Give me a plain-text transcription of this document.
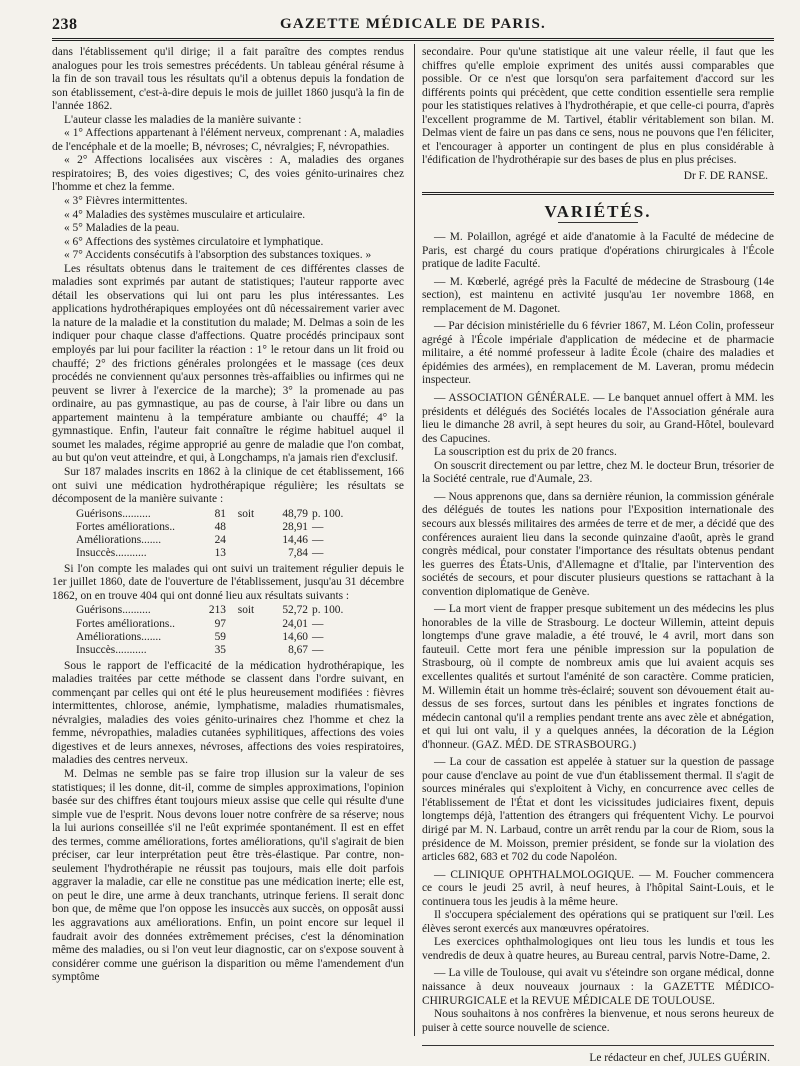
238	GAZETTE MÉDICALE DE PARIS.

dans l'établissement qu'il dirige; il a fait paraître des comptes rendus analogues pour les trois semestres précédents. Un tableau général résume à la fin de son travail tous les résultats qu'il a obtenus depuis la fondation de son établissement, c'est-à-dire depuis le mois de juillet 1860 jusqu'à la fin de l'année 1862.

L'auteur classe les maladies de la manière suivante :

« 1° Affections appartenant à l'élément nerveux, comprenant : A, maladies de l'encéphale et de la moelle; B, névroses; C, névralgies; F, névropathies.

« 2° Affections localisées aux viscères : A, maladies des organes respiratoires; B, des voies digestives; C, des voies génito-urinaires chez l'homme et chez la femme.

« 3° Fièvres intermittentes.

« 4° Maladies des systèmes musculaire et articulaire.

« 5° Maladies de la peau.

« 6° Affections des systèmes circulatoire et lymphatique.

« 7° Accidents consécutifs à l'absorption des substances toxiques. »

Les résultats obtenus dans le traitement de ces différentes classes de maladies sont exprimés par autant de statistiques; l'auteur rapporte avec détail les observations qui lui ont paru les plus intéressantes. Les applications hydrothérapiques employées ont dû nécessairement varier avec la nature de la maladie et la constitution du malade; M. Delmas a soin de les indiquer pour chaque classe d'affections. Quatre procédés principaux sont employés par lui pour faciliter la réaction : 1° le retour dans un lit froid ou chauffé; 2° des frictions générales prolongées et le massage (ces deux procédés ne conviennent qu'aux personnes très-affaiblies ou infirmes qui ne peuvent se livrer à l'exercice de la marche); 3° la promenade au pas ordinaire, au pas gymnastique, au pas de course, à l'air libre ou dans un appartement maintenu à la température ambiante ou chauffé; 4° la gymnastique. Enfin, l'auteur fait connaître le régime habituel auquel il soumet les malades, régime approprié au genre de maladie que l'on combat, au but qu'on veut atteindre, et qui, à Longchamps, n'a jamais rien d'exclusif.

Sur 187 malades inscrits en 1862 à la clinique de cet établissement, 166 ont suivi une médication hydrothérapique régulière; les résultats se décomposent de la manière suivante :

Guérisons..........	81	soit	48,79 p. 100.
Fortes améliorations..	48	28,91 —
Améliorations.......	24	14,46 —
Insuccès...........	13	7,84 —

Si l'on compte les malades qui ont suivi un traitement régulier depuis le 1er juillet 1860, date de l'ouverture de l'établissement, jusqu'au 31 décembre 1862, on en trouve 404 qui ont donné lieu aux résultats suivants :

Guérisons..........	213	soit	52,72 p. 100.
Fortes améliorations..	97	24,01 —
Améliorations.......	59	14,60 —
Insuccès...........	35	8,67 —

Sous le rapport de l'efficacité de la médication hydrothérapique, les maladies traitées par cette méthode se classent dans l'ordre suivant, en commençant par celles qui ont été le plus heureusement modifiées : fièvres intermittentes, chlorose, anémie, lymphatisme, maladies rhumatismales, névralgies, maladies des voies génito-urinaires chez l'homme et chez la femme, névropathies, maladies cutanées syphilitiques, affections des voies digestives et de leurs annexes, névroses, affections des voies respiratoires, maladies des centres nerveux.

M. Delmas ne semble pas se faire trop illusion sur la valeur de ses statistiques; il les donne, dit-il, comme de simples approximations, l'opinion basée sur des chiffres étant toujours mieux assise que celle qui résulte d'une simple vue de l'esprit. Nous devons louer notre confrère de sa réserve; nous la lui aurions conseillée s'il ne l'eût exprimée spontanément. Il est en effet des termes, comme améliorations, fortes améliorations, qu'il s'agirait de bien préciser, car leur interprétation peut être très-élastique. Par contre, non-seulement l'hydrothérapie ne réussit pas toujours, mais elle doit parfois aggraver la maladie, car elle ne constitue pas une médication inerte; elle est, on peut le dire, une arme à deux tranchants, utrinque feriens. Il serait donc bon que, de même que l'on oppose les insuccès aux succès, on opposât aussi les aggravations aux améliorations. Enfin, un point encore sur lequel il faudrait avoir des données extrêmement précises, c'est la dénomination même des maladies, ou si l'on veut leur diagnostic, car on s'expose souvent à considérer comme une guérison la disparition ou même l'amendement d'un symptôme

secondaire. Pour qu'une statistique ait une valeur réelle, il faut que les chiffres qu'elle emploie expriment des unités aussi comparables que possible. Or ce n'est que lorsqu'on sera parfaitement d'accord sur les différents points qui précèdent, que cette condition essentielle sera remplie pour les statistiques relatives à l'hydrothérapie, et que celle-ci pourra, d'après l'excellent programme de M. Tartivel, établir véritablement son bilan. M. Delmas vient de faire un pas dans ce sens, nous ne pouvons que l'en féliciter, et l'encourager à apporter un contingent de plus en plus considérable à l'édification de l'hydrothérapie sur des bases de plus en plus précises.

Dr F. DE RANSE.
VARIÉTÉS.

— M. Polaillon, agrégé et aide d'anatomie à la Faculté de médecine de Paris, est chargé du cours pratique d'opérations chirurgicales à l'École pratique de ladite Faculté.

— M. Kœberlé, agrégé près la Faculté de médecine de Strasbourg (14e section), est maintenu en activité jusqu'au 1er novembre 1868, en remplacement de M. Dagonet.

— Par décision ministérielle du 6 février 1867, M. Léon Colin, professeur agrégé à l'École impériale d'application de médecine et de pharmacie militaire, a été nommé professeur à ladite École (chaire des maladies et épidémies des armées), en remplacement de M. Laveran, promu médecin inspecteur.

— ASSOCIATION GÉNÉRALE. — Le banquet annuel offert à MM. les présidents et délégués des Sociétés locales de l'Association générale aura lieu le dimanche 28 avril, à sept heures du soir, au Grand-Hôtel, boulevard des Capucines.

La souscription est du prix de 20 francs.

On souscrit directement ou par lettre, chez M. le docteur Brun, trésorier de la Société centrale, rue d'Aumale, 23.

— Nous apprenons que, dans sa dernière réunion, la commission générale des délégués de toutes les nations pour l'Exposition internationale des secours aux blessés militaires des armées de terre et de mer, a décidé que des conférences auraient lieu dans la seconde quinzaine d'août, après le grand congrès médical, pour constater l'importance des résultats obtenus pendant les guerres des États-Unis, d'Allemagne et d'Italie, par l'intervention des sociétés de secours, et pour discuter plusieurs questions se rattachant à la convention diplomatique de Genève.

— La mort vient de frapper presque subitement un des médecins les plus honorables de la ville de Strasbourg. Le docteur Willemin, atteint depuis longtemps d'une grave maladie, a été trouvé, le 4 avril, mort dans son fauteuil. Cette mort fera une pénible impression sur la population de Strasbourg, où il compte de nombreux amis que lui avaient acquis ses excellentes qualités et surtout l'aménité de son caractère. Comme praticien, M. Willemin était un homme très-éclairé; souvent son dévouement était au-dessus de ses forces, surtout dans les pénibles et ingrates fonctions de médecin cantonal qu'il a remplies pendant trente ans avec zèle et abnégation, et qui lui ont valu, il y a quelques années, la décoration de la Légion d'honneur. (GAZ. MÉD. DE STRASBOURG.)

— La cour de cassation est appelée à statuer sur la question de passage pour cause d'enclave au point de vue d'un établissement thermal. Il s'agit de sources minérales qui s'exploitent à Vichy, en concurrence avec celles de l'établissement de l'État et dont les vicissitudes judiciaires fixent, depuis longtemps déjà, l'attention des étrangers qui fréquentent Vichy. Le pourvoi dirigé par M. N. Larbaud, contre un arrêt rendu par la cour de Riom, sous la présidence de M. Moisson, premier président, se fonde sur la violation des articles 682, 683 et 702 du code Napoléon.

— CLINIQUE OPHTHALMOLOGIQUE. — M. Foucher commencera ce cours le jeudi 25 avril, à neuf heures, à l'hôpital Saint-Louis, et le continuera tous les jeudis à la même heure.

Il s'occupera spécialement des opérations qui se pratiquent sur l'œil. Les élèves seront exercés aux manœuvres opératoires.

Les exercices ophthalmologiques ont lieu tous les lundis et tous les vendredis de deux à quatre heures, au Bureau central, parvis Notre-Dame, 2.

— La ville de Toulouse, qui avait vu s'éteindre son organe médical, donne naissance à deux nouveaux journaux : la GAZETTE MÉDICO-CHIRURGICALE et la REVUE MÉDICALE DE TOULOUSE.

Nous souhaitons à nos confrères la bienvenue, et nous serons heureux de puiser à cette source nouvelle de science.

Le rédacteur en chef, JULES GUÉRIN.
